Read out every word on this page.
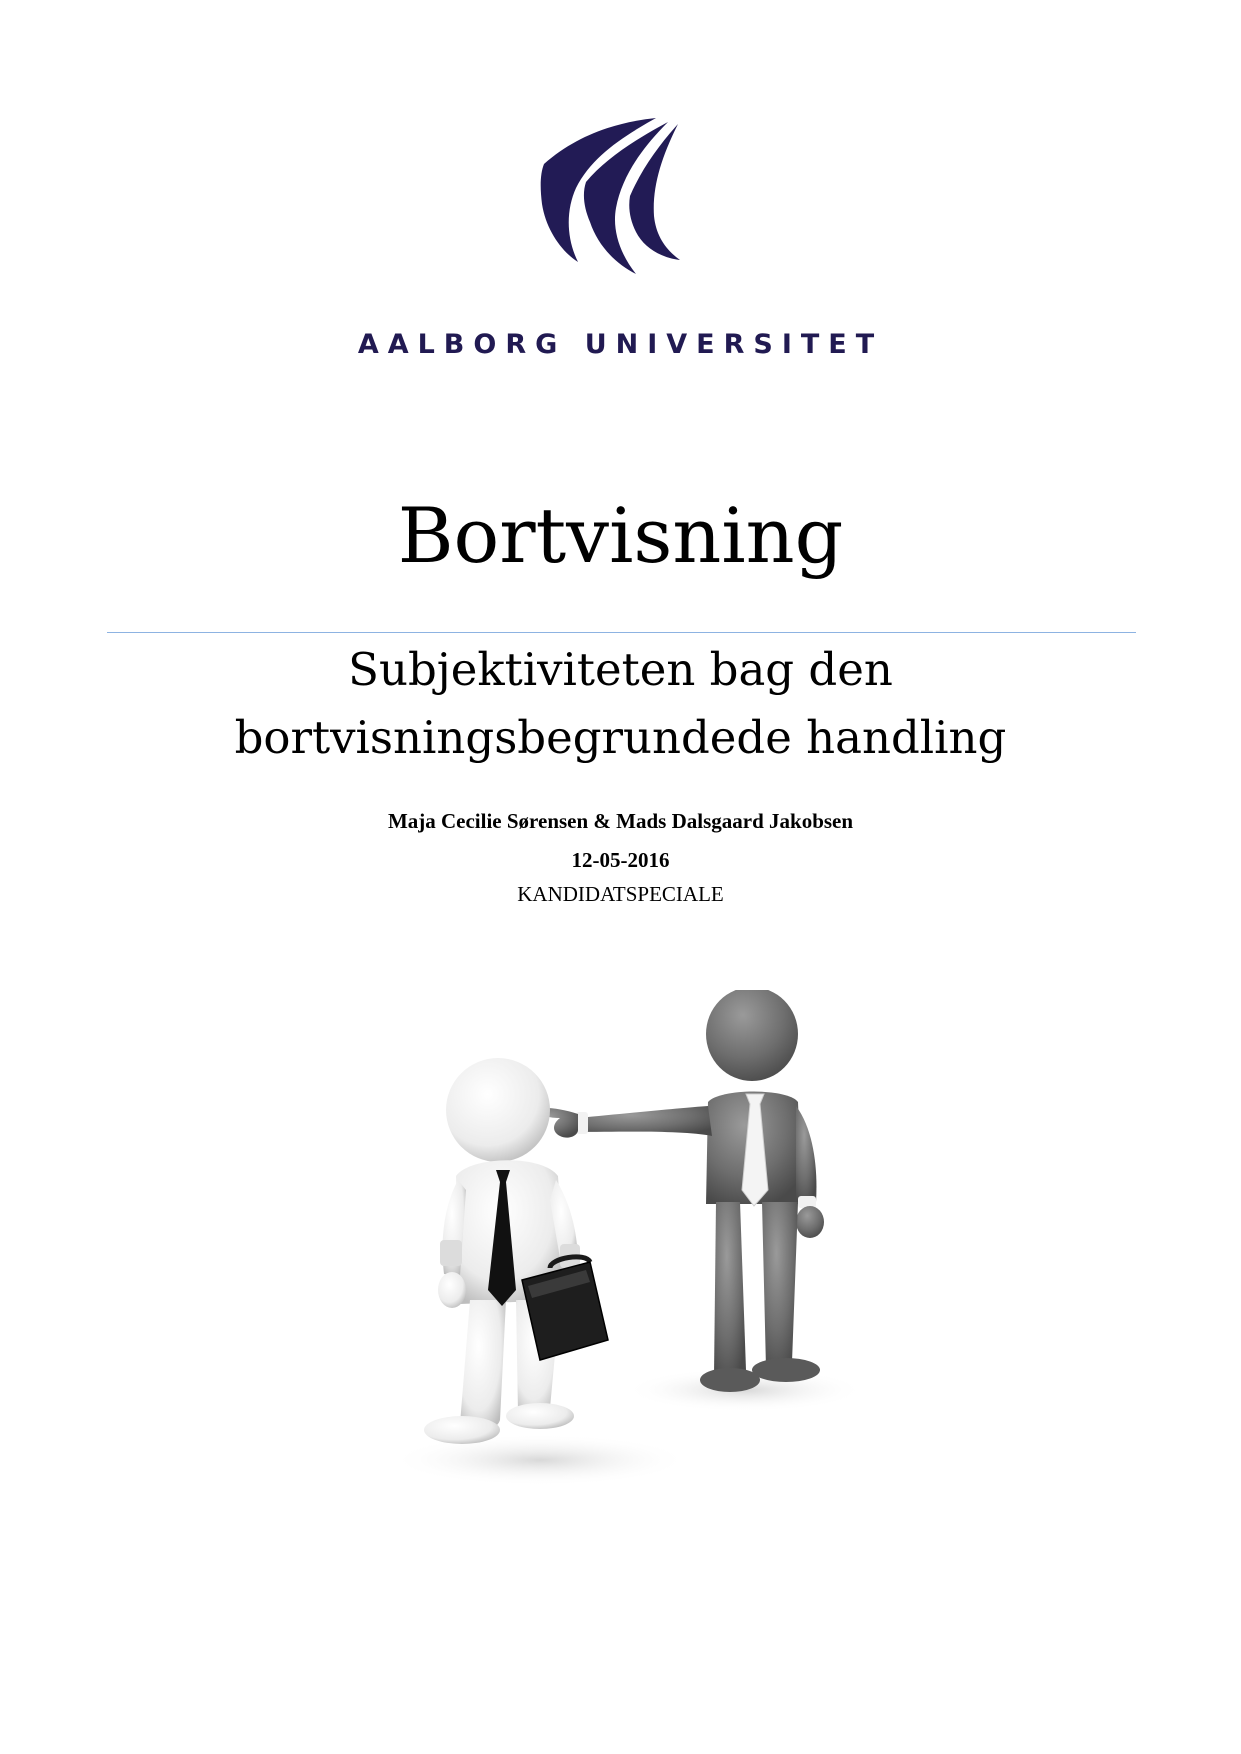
AALBORG UNIVERSITET
Bortvisning
Subjektiviteten bag den
bortvisningsbegrundede handling
Maja Cecilie Sørensen & Mads Dalsgaard Jakobsen
12-05-2016
KANDIDATSPECIALE
